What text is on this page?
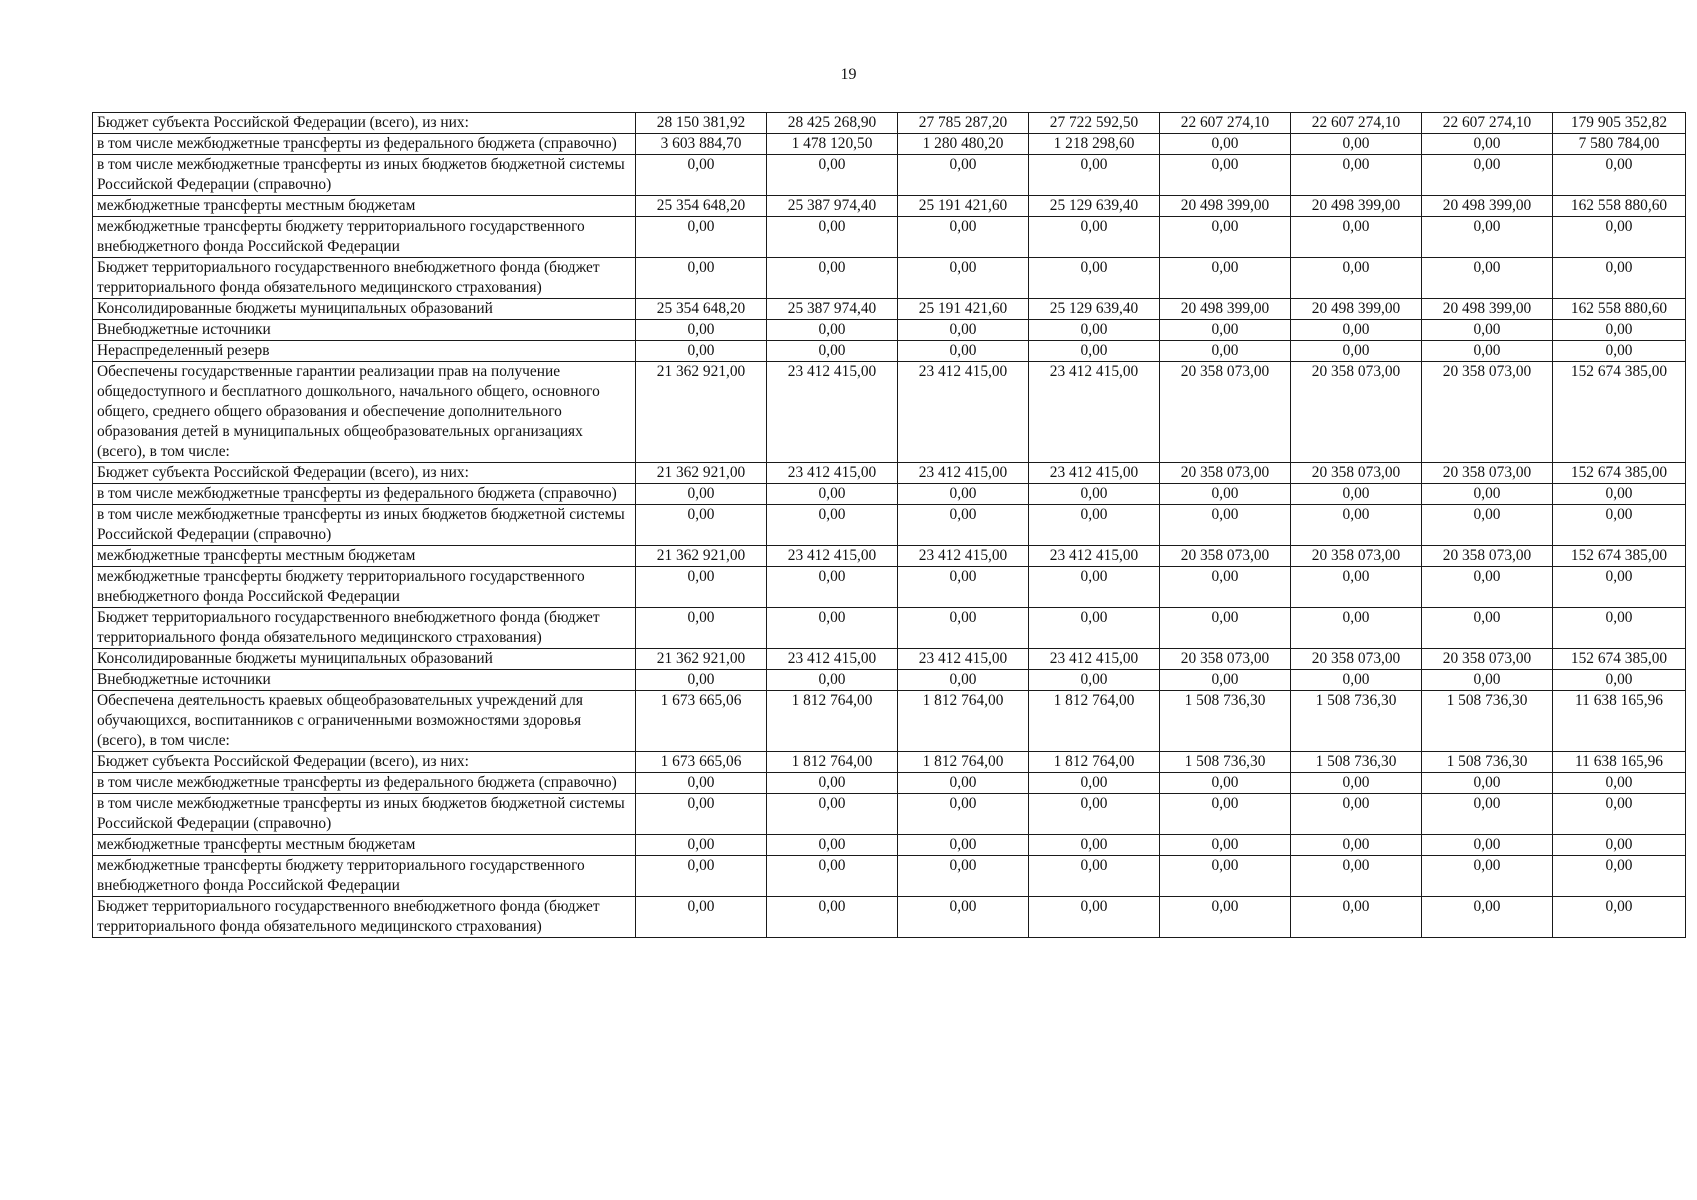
19
Бюджет субъекта Российской Федерации (всего), из них:	28 150 381,92	28 425 268,90	27 785 287,20	27 722 592,50	22 607 274,10	22 607 274,10	22 607 274,10	179 905 352,82
в том числе межбюджетные трансферты из федерального бюджета (справочно)	3 603 884,70	1 478 120,50	1 280 480,20	1 218 298,60	0,00	0,00	0,00	7 580 784,00
в том числе межбюджетные трансферты из иных бюджетов бюджетной системы Российской Федерации (справочно)	0,00	0,00	0,00	0,00	0,00	0,00	0,00	0,00
межбюджетные трансферты местным бюджетам	25 354 648,20	25 387 974,40	25 191 421,60	25 129 639,40	20 498 399,00	20 498 399,00	20 498 399,00	162 558 880,60
межбюджетные трансферты бюджету территориального государственного внебюджетного фонда Российской Федерации	0,00	0,00	0,00	0,00	0,00	0,00	0,00	0,00
Бюджет территориального государственного внебюджетного фонда (бюджет территориального фонда обязательного медицинского страхования)	0,00	0,00	0,00	0,00	0,00	0,00	0,00	0,00
Консолидированные бюджеты муниципальных образований	25 354 648,20	25 387 974,40	25 191 421,60	25 129 639,40	20 498 399,00	20 498 399,00	20 498 399,00	162 558 880,60
Внебюджетные источники	0,00	0,00	0,00	0,00	0,00	0,00	0,00	0,00
Нераспределенный резерв	0,00	0,00	0,00	0,00	0,00	0,00	0,00	0,00
Обеспечены государственные гарантии реализации прав на получение общедоступного и бесплатного дошкольного, начального общего, основного общего, среднего общего образования и обеспечение дополнительного образования детей в муниципальных общеобразовательных организациях (всего), в том числе:	21 362 921,00	23 412 415,00	23 412 415,00	23 412 415,00	20 358 073,00	20 358 073,00	20 358 073,00	152 674 385,00
Бюджет субъекта Российской Федерации (всего), из них:	21 362 921,00	23 412 415,00	23 412 415,00	23 412 415,00	20 358 073,00	20 358 073,00	20 358 073,00	152 674 385,00
в том числе межбюджетные трансферты из федерального бюджета (справочно)	0,00	0,00	0,00	0,00	0,00	0,00	0,00	0,00
в том числе межбюджетные трансферты из иных бюджетов бюджетной системы Российской Федерации (справочно)	0,00	0,00	0,00	0,00	0,00	0,00	0,00	0,00
межбюджетные трансферты местным бюджетам	21 362 921,00	23 412 415,00	23 412 415,00	23 412 415,00	20 358 073,00	20 358 073,00	20 358 073,00	152 674 385,00
межбюджетные трансферты бюджету территориального государственного внебюджетного фонда Российской Федерации	0,00	0,00	0,00	0,00	0,00	0,00	0,00	0,00
Бюджет территориального государственного внебюджетного фонда (бюджет территориального фонда обязательного медицинского страхования)	0,00	0,00	0,00	0,00	0,00	0,00	0,00	0,00
Консолидированные бюджеты муниципальных образований	21 362 921,00	23 412 415,00	23 412 415,00	23 412 415,00	20 358 073,00	20 358 073,00	20 358 073,00	152 674 385,00
Внебюджетные источники	0,00	0,00	0,00	0,00	0,00	0,00	0,00	0,00
Обеспечена деятельность краевых общеобразовательных учреждений для обучающихся, воспитанников с ограниченными возможностями здоровья (всего), в том числе:	1 673 665,06	1 812 764,00	1 812 764,00	1 812 764,00	1 508 736,30	1 508 736,30	1 508 736,30	11 638 165,96
Бюджет субъекта Российской Федерации (всего), из них:	1 673 665,06	1 812 764,00	1 812 764,00	1 812 764,00	1 508 736,30	1 508 736,30	1 508 736,30	11 638 165,96
в том числе межбюджетные трансферты из федерального бюджета (справочно)	0,00	0,00	0,00	0,00	0,00	0,00	0,00	0,00
в том числе межбюджетные трансферты из иных бюджетов бюджетной системы Российской Федерации (справочно)	0,00	0,00	0,00	0,00	0,00	0,00	0,00	0,00
межбюджетные трансферты местным бюджетам	0,00	0,00	0,00	0,00	0,00	0,00	0,00	0,00
межбюджетные трансферты бюджету территориального государственного внебюджетного фонда Российской Федерации	0,00	0,00	0,00	0,00	0,00	0,00	0,00	0,00
Бюджет территориального государственного внебюджетного фонда (бюджет территориального фонда обязательного медицинского страхования)	0,00	0,00	0,00	0,00	0,00	0,00	0,00	0,00
